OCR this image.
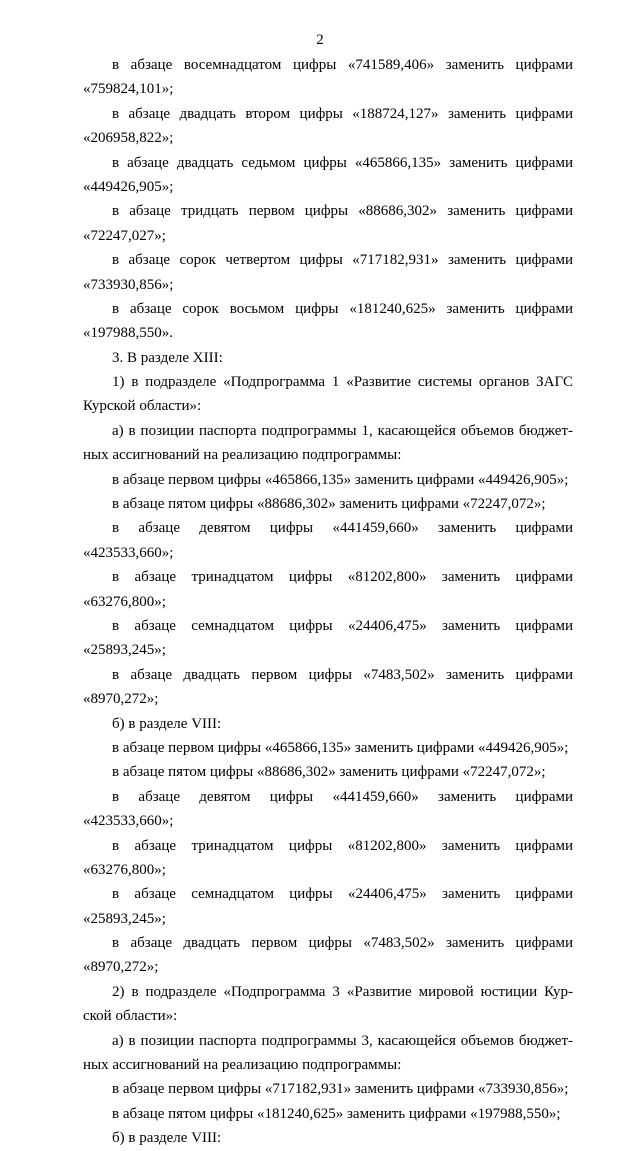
2
в абзаце восемнадцатом цифры «741589,406» заменить цифрами
«759824,101»;
в абзаце двадцать втором цифры «188724,127» заменить цифрами
«206958,822»;
в абзаце двадцать седьмом цифры «465866,135» заменить цифрами
«449426,905»;
в абзаце тридцать первом цифры «88686,302» заменить цифрами
«72247,027»;
в абзаце сорок четвертом цифры «717182,931» заменить цифрами
«733930,856»;
в абзаце сорок восьмом цифры «181240,625» заменить цифрами
«197988,550».
3. В разделе XIII:
1) в подразделе «Подпрограмма 1 «Развитие системы органов ЗАГС
Курской области»:
а) в позиции паспорта подпрограммы 1, касающейся объемов бюджет-
ных ассигнований на реализацию подпрограммы:
в абзаце первом цифры «465866,135» заменить цифрами «449426,905»;
в абзаце пятом цифры «88686,302» заменить цифрами «72247,072»;
в абзаце девятом цифры «441459,660» заменить цифрами
«423533,660»;
в абзаце тринадцатом цифры «81202,800» заменить цифрами
«63276,800»;
в абзаце семнадцатом цифры «24406,475» заменить цифрами
«25893,245»;
в абзаце двадцать первом цифры «7483,502» заменить цифрами
«8970,272»;
б) в разделе VIII:
в абзаце первом цифры «465866,135» заменить цифрами «449426,905»;
в абзаце пятом цифры «88686,302» заменить цифрами «72247,072»;
в абзаце девятом цифры «441459,660» заменить цифрами
«423533,660»;
в абзаце тринадцатом цифры «81202,800» заменить цифрами
«63276,800»;
в абзаце семнадцатом цифры «24406,475» заменить цифрами
«25893,245»;
в абзаце двадцать первом цифры «7483,502» заменить цифрами
«8970,272»;
2) в подразделе «Подпрограмма 3 «Развитие мировой юстиции Кур-
ской области»:
а) в позиции паспорта подпрограммы 3, касающейся объемов бюджет-
ных ассигнований на реализацию подпрограммы:
в абзаце первом цифры «717182,931» заменить цифрами «733930,856»;
в абзаце пятом цифры «181240,625» заменить цифрами «197988,550»;
б) в разделе VIII:
